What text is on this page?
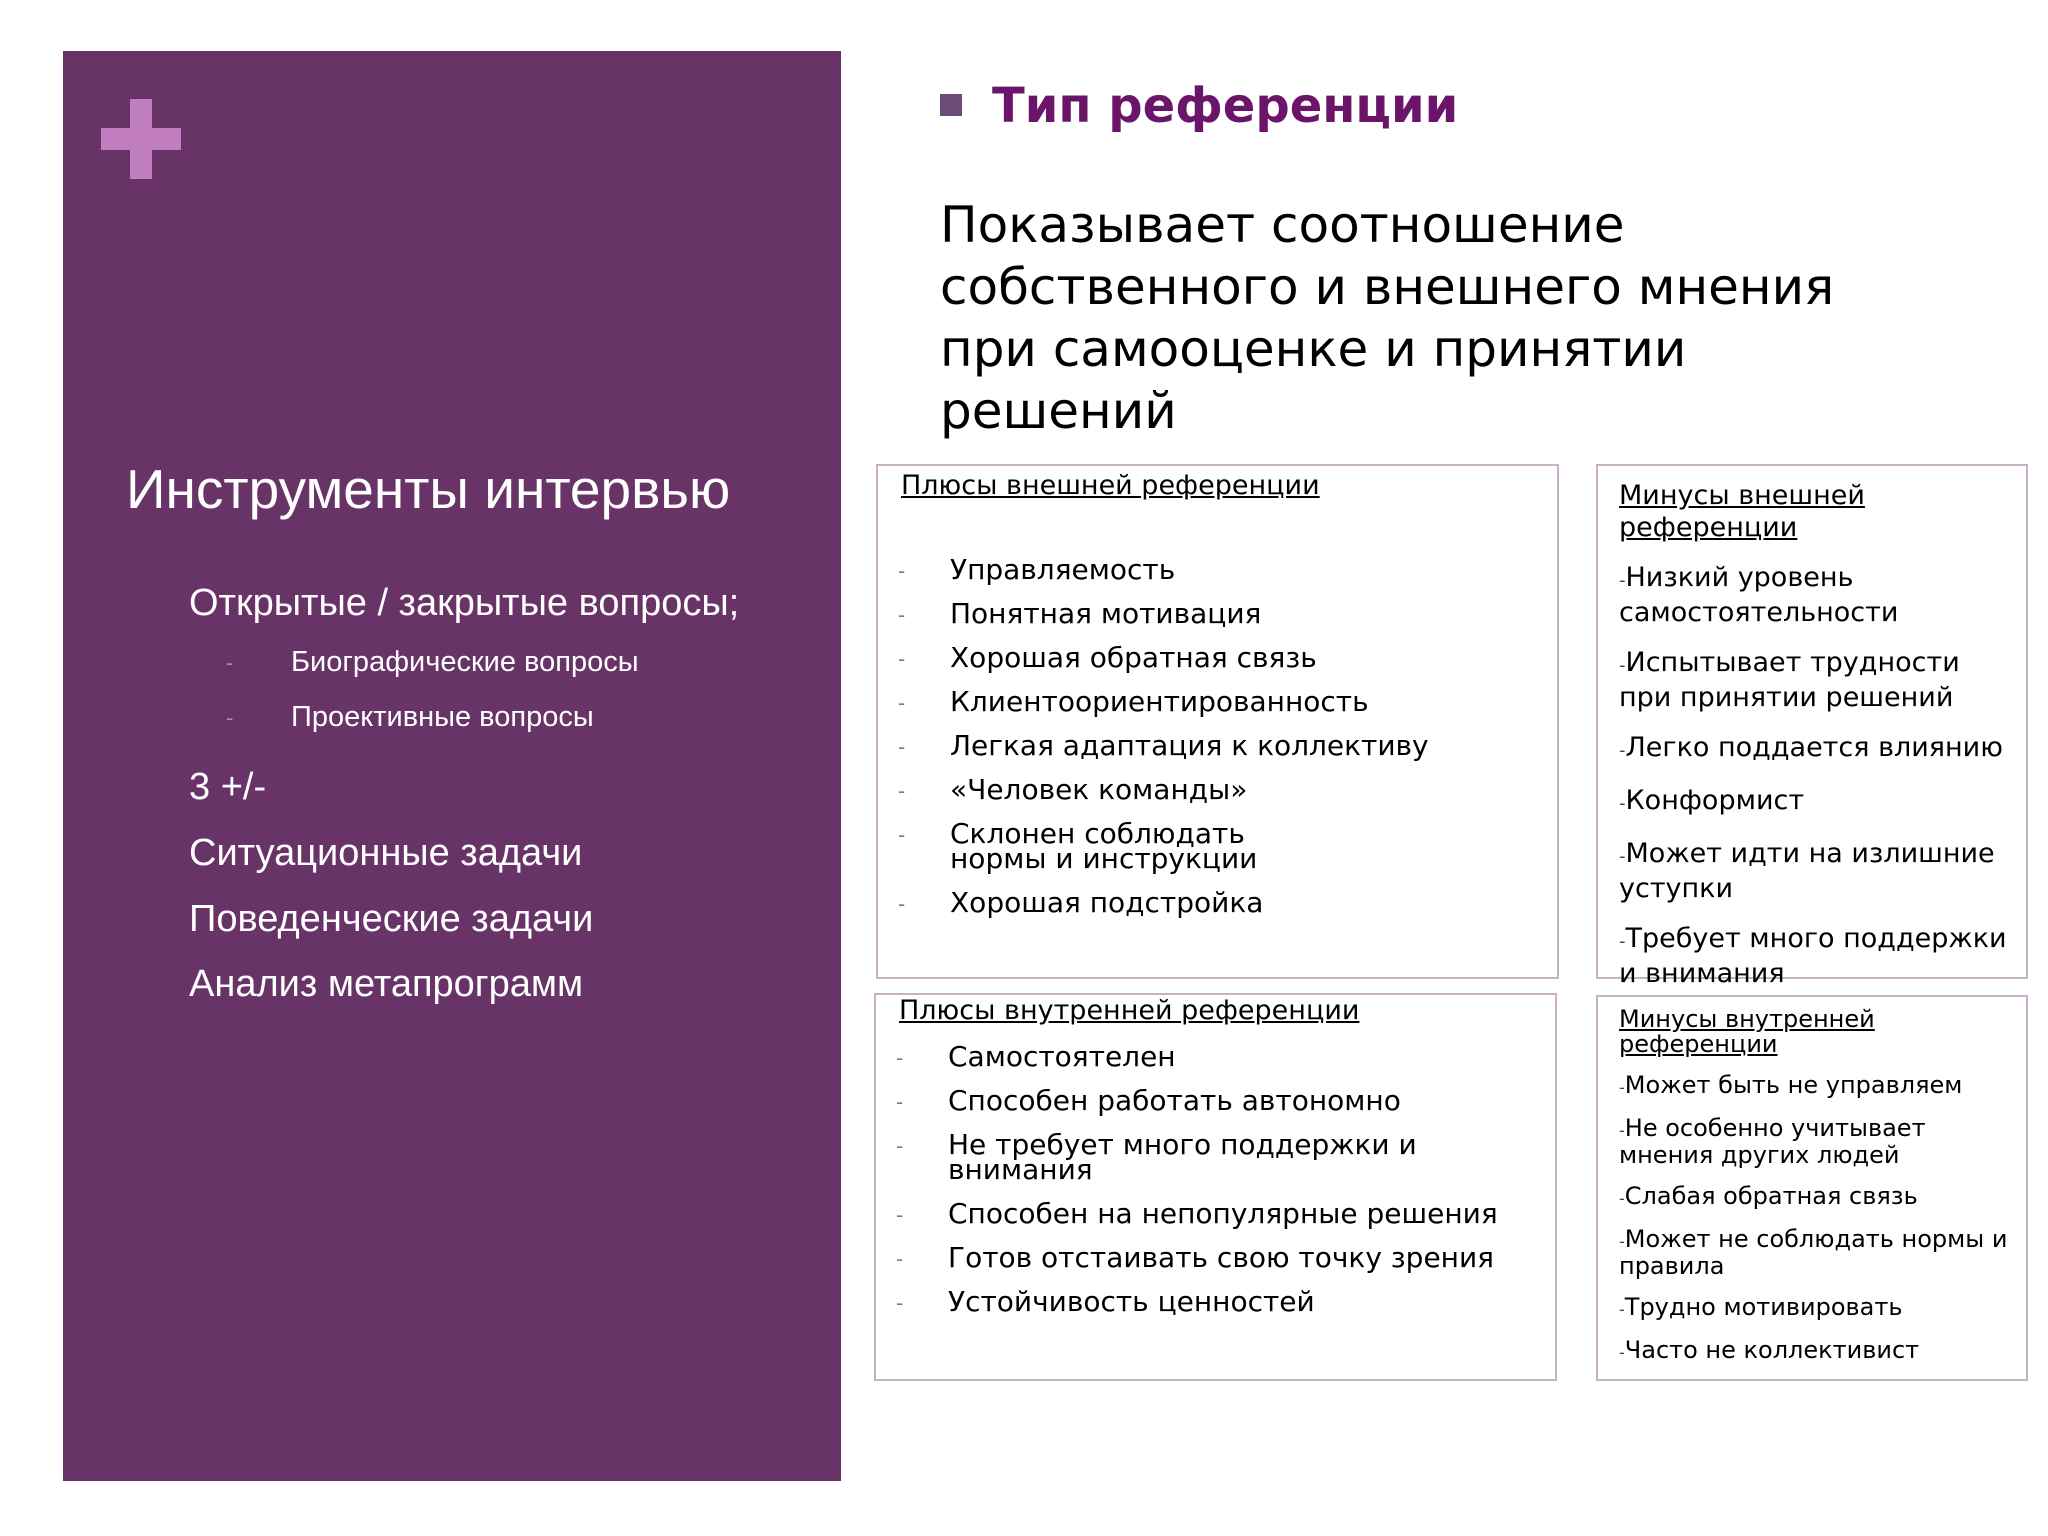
Инструменты интервью

Открытые / закрытые вопросы;

- Биографические вопросы

- Проективные вопросы

3 +/-

Ситуационные задачи

Поведенческие задачи

Анализ метапрограмм

Тип референции

Показывает соотношение собственного и внешнего мнения при самооценке и принятии решений

Плюсы внешней референции
- Управляемость
- Понятная мотивация
- Хорошая обратная связь
- Клиентоориентированность
- Легкая адаптация к коллективу
- «Человек команды»
- Склонен соблюдать нормы и инструкции
- Хорошая подстройка
Минусы внешней референции
- Низкий уровень самостоятельности
- Испытывает трудности при принятии решений
- Легко поддается влиянию
- Конформист
- Может идти на излишние уступки
- Требует много поддержки и внимания
Плюсы внутренней референции
- Самостоятелен
- Способен работать автономно
- Не требует много поддержки и внимания
- Способен на непопулярные решения
- Готов отстаивать свою точку зрения
- Устойчивость ценностей
Минусы внутренней референции
- Может быть не управляем
- Не особенно учитывает мнения других людей
- Слабая обратная связь
- Может не соблюдать нормы и правила
- Трудно мотивировать
- Часто не коллективист
